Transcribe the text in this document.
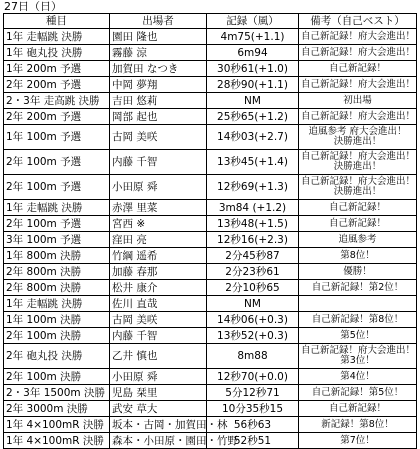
27日（日）
種目	出場者	記録（風）	備考（自己ベスト）
1年 走幅跳 決勝	園田 隆也	4m75(+1.1)	自己新記録！府大会進出！

1年 砲丸投 決勝	霧藤 涼	6m94	自己新記録！府大会進出！

1年 200m 予選	加賀田 なつき	30秒61(+1.0)	自己新記録！

2年 200m 予選	中岡 夢翔	28秒90(+1.1)	自己新記録！府大会進出！

2・3年 走高跳 決勝	吉田 悠莉	NM	初出場

2年 200m 予選	岡部 起也	25秒65(+1.2)	自己新記録！府大会進出！

1年 100m 予選	古岡 美咲	14秒03(+2.7)	追風参考 府大会進出！
決勝進出！

2年 100m 予選	内藤 千智	13秒45(+1.4)	自己新記録！府大会進出！
決勝進出！

2年 100m 予選	小田原 舜	12秒69(+1.3)	自己新記録！府大会進出！
決勝進出！

1年 走幅跳 決勝	赤澤 里菜	3m84 (+1.2)	自己新記録！

2年 100m 予選	宮西 ※	13秒48(+1.5)	自己新記録！

3年 100m 予選	窪田 亮	12秒16(+2.3)	追風参考

1年 800m 決勝	竹綱 遥希	2分45秒87	第8位！

2年 800m 決勝	加藤 春那	2分23秒61	優勝！

2年 800m 決勝	松井 康介	2分10秒65	自己新記録！第2位！

1年 走幅跳 決勝	佐川 直哉	NM	

1年 100m 決勝	古岡 美咲	14秒06(+0.3)	自己新記録！第8位！

2年 100m 決勝	内藤 千智	13秒52(+0.3)	第5位！

2年 砲丸投 決勝	乙井 慎也	8m88	自己新記録！府大会進出！
第3位！

2年 100m 決勝	小田原 舜	12秒70(+0.0)	第4位！

2・3年 1500m 決勝	児島 栞里	5分12秒71	自己新記録！第5位！

2年 3000m 決勝	武安 草大	10分35秒15	自己新記録！

1年 4×100mR 決勝	坂本・古岡・加賀田・林	56秒63	新記録！第8位！

1年 4×100mR 決勝	森本・小田原・園田・竹野	52秒51	第7位！
